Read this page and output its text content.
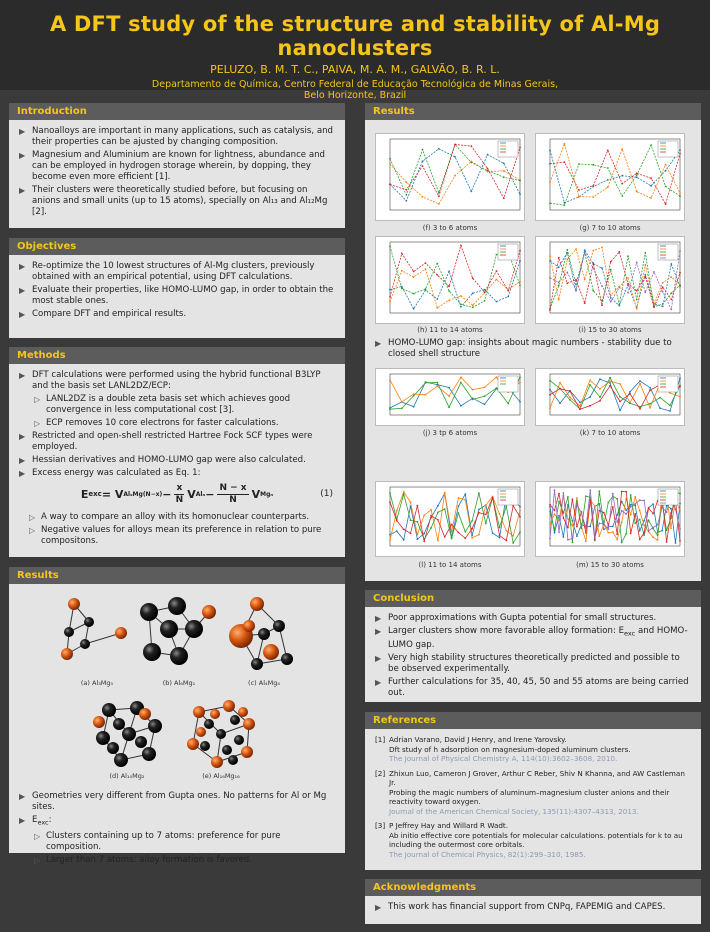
A DFT study of the structure and stability of Al-Mg nanoclusters
PELUZO, B. M. T. C., PAIVA, M. A. M., GALVÃO, B. R. L.
Departamento de Química, Centro Federal de Educação Tecnológica de Minas Gerais,
Belo Horizonte, Brazil
Introduction
▶ Nanoalloys are important in many applications, such as catalysis, and their properties can be ajusted by changing composition.
▶ Magnesium and Aluminium are known for lightness, abundance and can be employed in hydrogen storage wherein, by dopping, they become even more efficient [1].
▶ Their clusters were theoretically studied before, but focusing on anions and small units (up to 15 atoms), specially on Al₁₃ and Al₁₂Mg [2].
Objectives
▶ Re-optimize the 10 lowest structures of Al-Mg clusters, previously obtained with an empirical potential, using DFT calculations.
▶ Evaluate their properties, like HOMO-LUMO gap, in order to obtain the most stable ones.
▶ Compare DFT and empirical results.
Methods
▶ DFT calculations were performed using the hybrid functional B3LYP and the basis set LANL2DZ/ECP:
▷ LANL2DZ is a double zeta basis set which achieves good convergence in less computational cost [3].
▷ ECP removes 10 core electrons for faster calculations.
▶ Restricted and open-shell restricted Hartree Fock SCF types were employed.
▶ Hessian derivatives and HOMO-LUMO gap were also calculated.
▶ Excess energy was calculated as Eq. 1:
E exc = V $Al_xMg(N-x) - \frac{x}{N}$ V $Al_n - \frac{N - x}{N}$ V Mgₙ	(1)
▷ A way to compare an alloy with its homonuclear counterparts.
▷ Negative values for alloys mean its preference in relation to pure compositons.
Results
(a) Al₃Mg₅	(b) Al₆Mg₁	(c) Al₄Mg₄
(d) Al₁₀Mg₂	(e) Al₁₆Mg₁₆
▶ Geometries very different from Gupta ones. No patterns for Al or Mg sites.
▶ $E_{exc}$:
▷ Clusters containing up to 7 atoms: preference for pure composition.
▷ Larger than 7 atoms: alloy formation is favored.
Results
(f) 3 to 6 atoms	(g) 7 to 10 atoms
(h) 11 to 14 atoms	(i) 15 to 30 atoms
▶ HOMO-LUMO gap: insights about magic numbers - stability due to closed shell structure
(j) 3 tp 6 atoms	(k) 7 to 10 atoms
(l) 11 to 14 atoms	(m) 15 to 30 atoms
Conclusion
▶ Poor approximations with Gupta potential for small structures.
▶ Larger clusters show more favorable alloy formation: $E_{exc}$ and HOMO-LUMO gap.
▶ Very high stability structures theoretically predicted and possible to be observed experimentally.
▶ Further calculations for 35, 40, 45, 50 and 55 atoms are being carried out.
References
[1] Adrian Varano, David J Henry, and Irene Yarovsky.
Dft study of h adsorption on magnesium-doped aluminum clusters.
The Journal of Physical Chemistry A, 114(10):3602–3608, 2010.
[2] Zhixun Luo, Cameron J Grover, Arthur C Reber, Shiv N Khanna, and AW Castleman Jr.
Probing the magic numbers of aluminum–magnesium cluster anions and their reactivity toward oxygen.
Journal of the American Chemical Society, 135(11):4307–4313, 2013.
[3] P Jeffrey Hay and Willard R Wadt.
Ab initio effective core potentials for molecular calculations. potentials for k to au including the outermost core orbitals.
The Journal of Chemical Physics, 82(1):299–310, 1985.
Acknowledgments
▶ This work has financial support from CNPq, FAPEMIG and CAPES.
